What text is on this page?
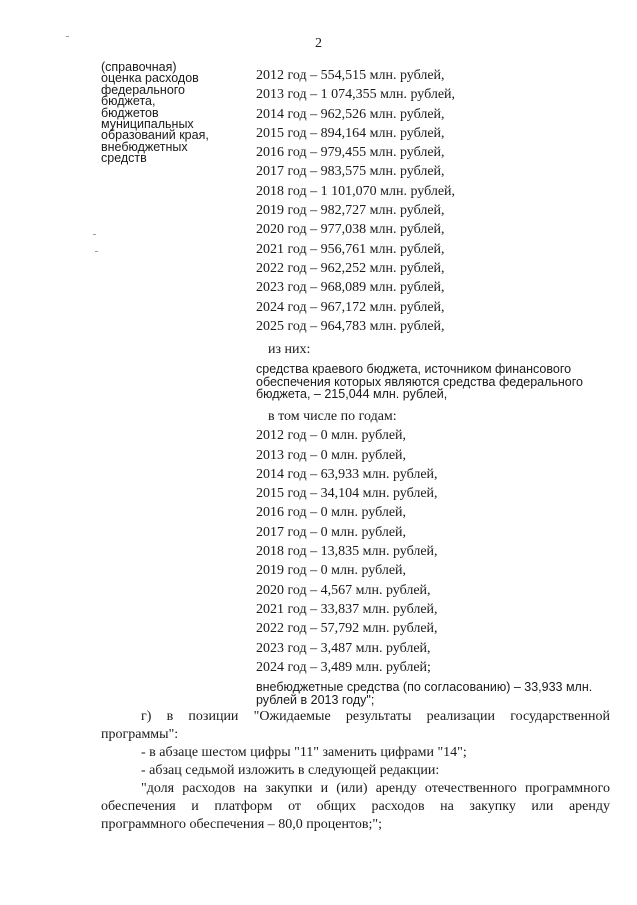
2
(справочная)
оценка расходов
федерального
бюджета,
бюджетов
муниципальных
образований края,
внебюджетных
средств
2012 год – 554,515 млн. рублей,
2013 год – 1 074,355 млн. рублей,
2014 год – 962,526 млн. рублей,
2015 год – 894,164 млн. рублей,
2016 год – 979,455 млн. рублей,
2017 год – 983,575 млн. рублей,
2018 год – 1 101,070 млн. рублей,
2019 год – 982,727 млн. рублей,
2020 год – 977,038 млн. рублей,
2021 год – 956,761 млн. рублей,
2022 год – 962,252 млн. рублей,
2023 год – 968,089 млн. рублей,
2024 год – 967,172 млн. рублей,
2025 год – 964,783 млн. рублей,
из них:
средства краевого бюджета, источником финансового
обеспечения которых являются средства федерального
бюджета, – 215,044 млн. рублей,
в том числе по годам:
2012 год – 0 млн. рублей,
2013 год – 0 млн. рублей,
2014 год – 63,933 млн. рублей,
2015 год – 34,104 млн. рублей,
2016 год – 0 млн. рублей,
2017 год – 0 млн. рублей,
2018 год – 13,835 млн. рублей,
2019 год – 0 млн. рублей,
2020 год – 4,567 млн. рублей,
2021 год – 33,837 млн. рублей,
2022 год – 57,792 млн. рублей,
2023 год – 3,487 млн. рублей,
2024 год – 3,489 млн. рублей;
внебюджетные средства (по согласованию) – 33,933 млн.
рублей в 2013 году";
г) в позиции "Ожидаемые результаты реализации государственной
программы":
- в абзаце шестом цифры "11" заменить цифрами "14";
- абзац седьмой изложить в следующей редакции:
"доля расходов на закупки и (или) аренду отечественного программного
обеспечения и платформ от общих расходов на закупку или аренду
программного обеспечения – 80,0 процентов;";
